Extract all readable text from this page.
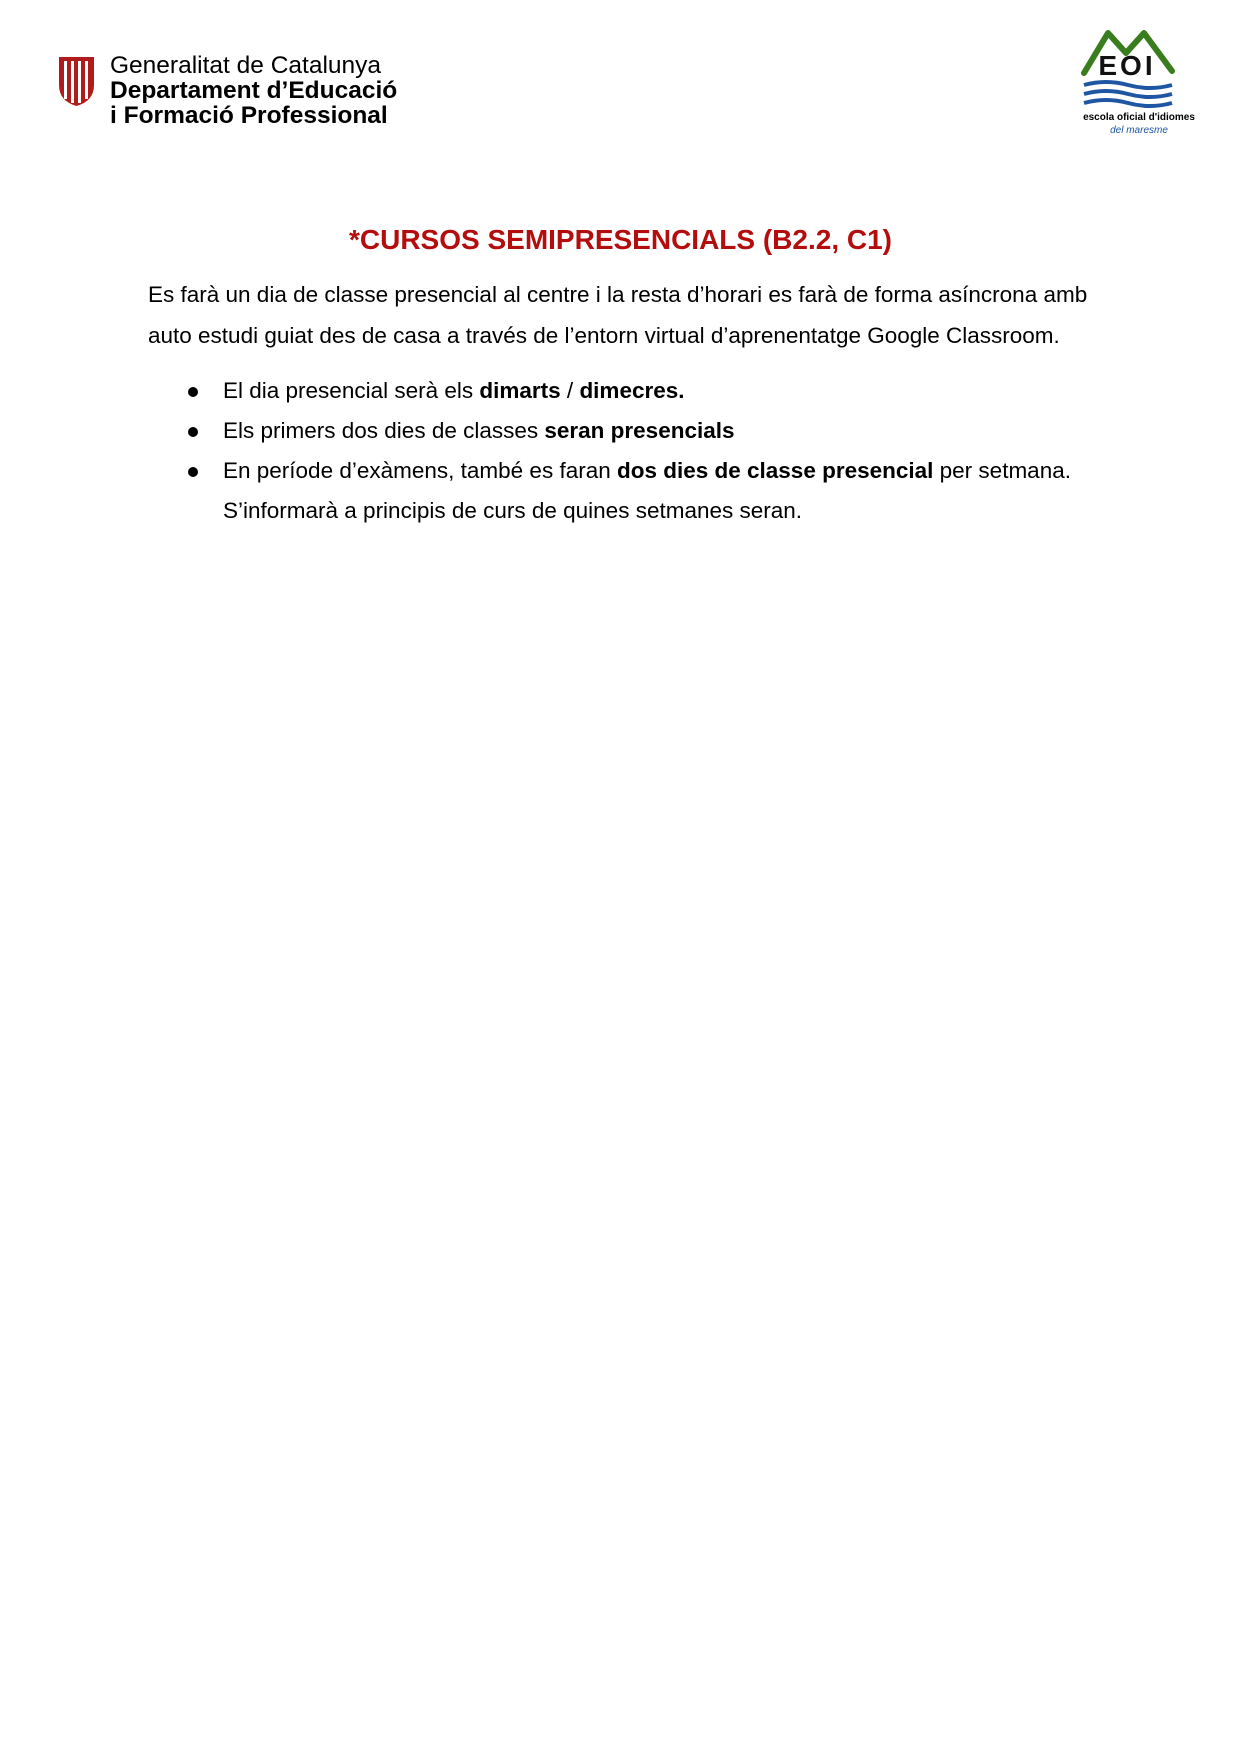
Generalitat de Catalunya
Departament d’Educació
i Formació Professional
EOI
escola oficial d'idiomes
del maresme
*CURSOS SEMIPRESENCIALS (B2.2, C1)

Es farà un dia de classe presencial al centre i la resta d’horari es farà de forma asíncrona amb

auto estudi guiat des de casa a través de l’entorn virtual d’aprenentatge Google Classroom.

El dia presencial serà els dimarts / dimecres.
Els primers dos dies de classes seran presencials
En període d’exàmens, també es faran dos dies de classe presencial per setmana.
S’informarà a principis de curs de quines setmanes seran.
